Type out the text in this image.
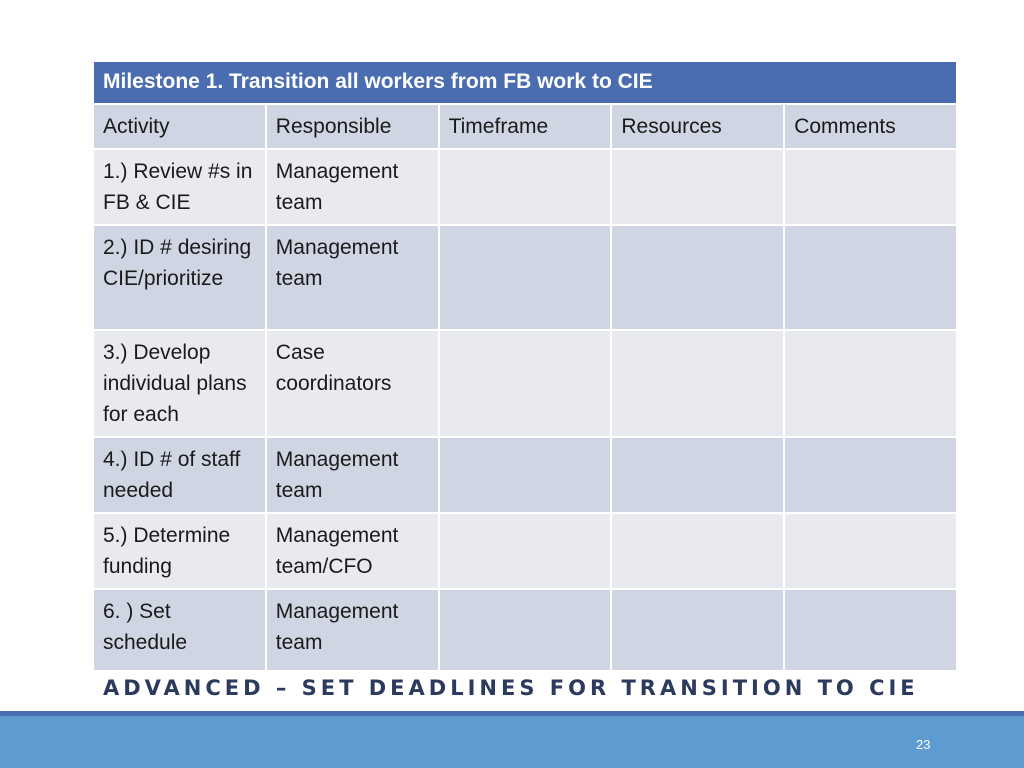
Milestone 1. Transition all workers from FB work to CIE				
Activity	Responsible	Timeframe	Resources	Comments
1.) Review #s in FB & CIE	Management team			
2.) ID # desiring CIE/prioritize	Management team			
3.) Develop individual plans for each	Case coordinators			
4.) ID # of staff needed	Management team			
5.) Determine funding	Management team/CFO			
6. ) Set schedule	Management team			
ADVANCED – SET DEADLINES FOR TRANSITION TO CIE
23
